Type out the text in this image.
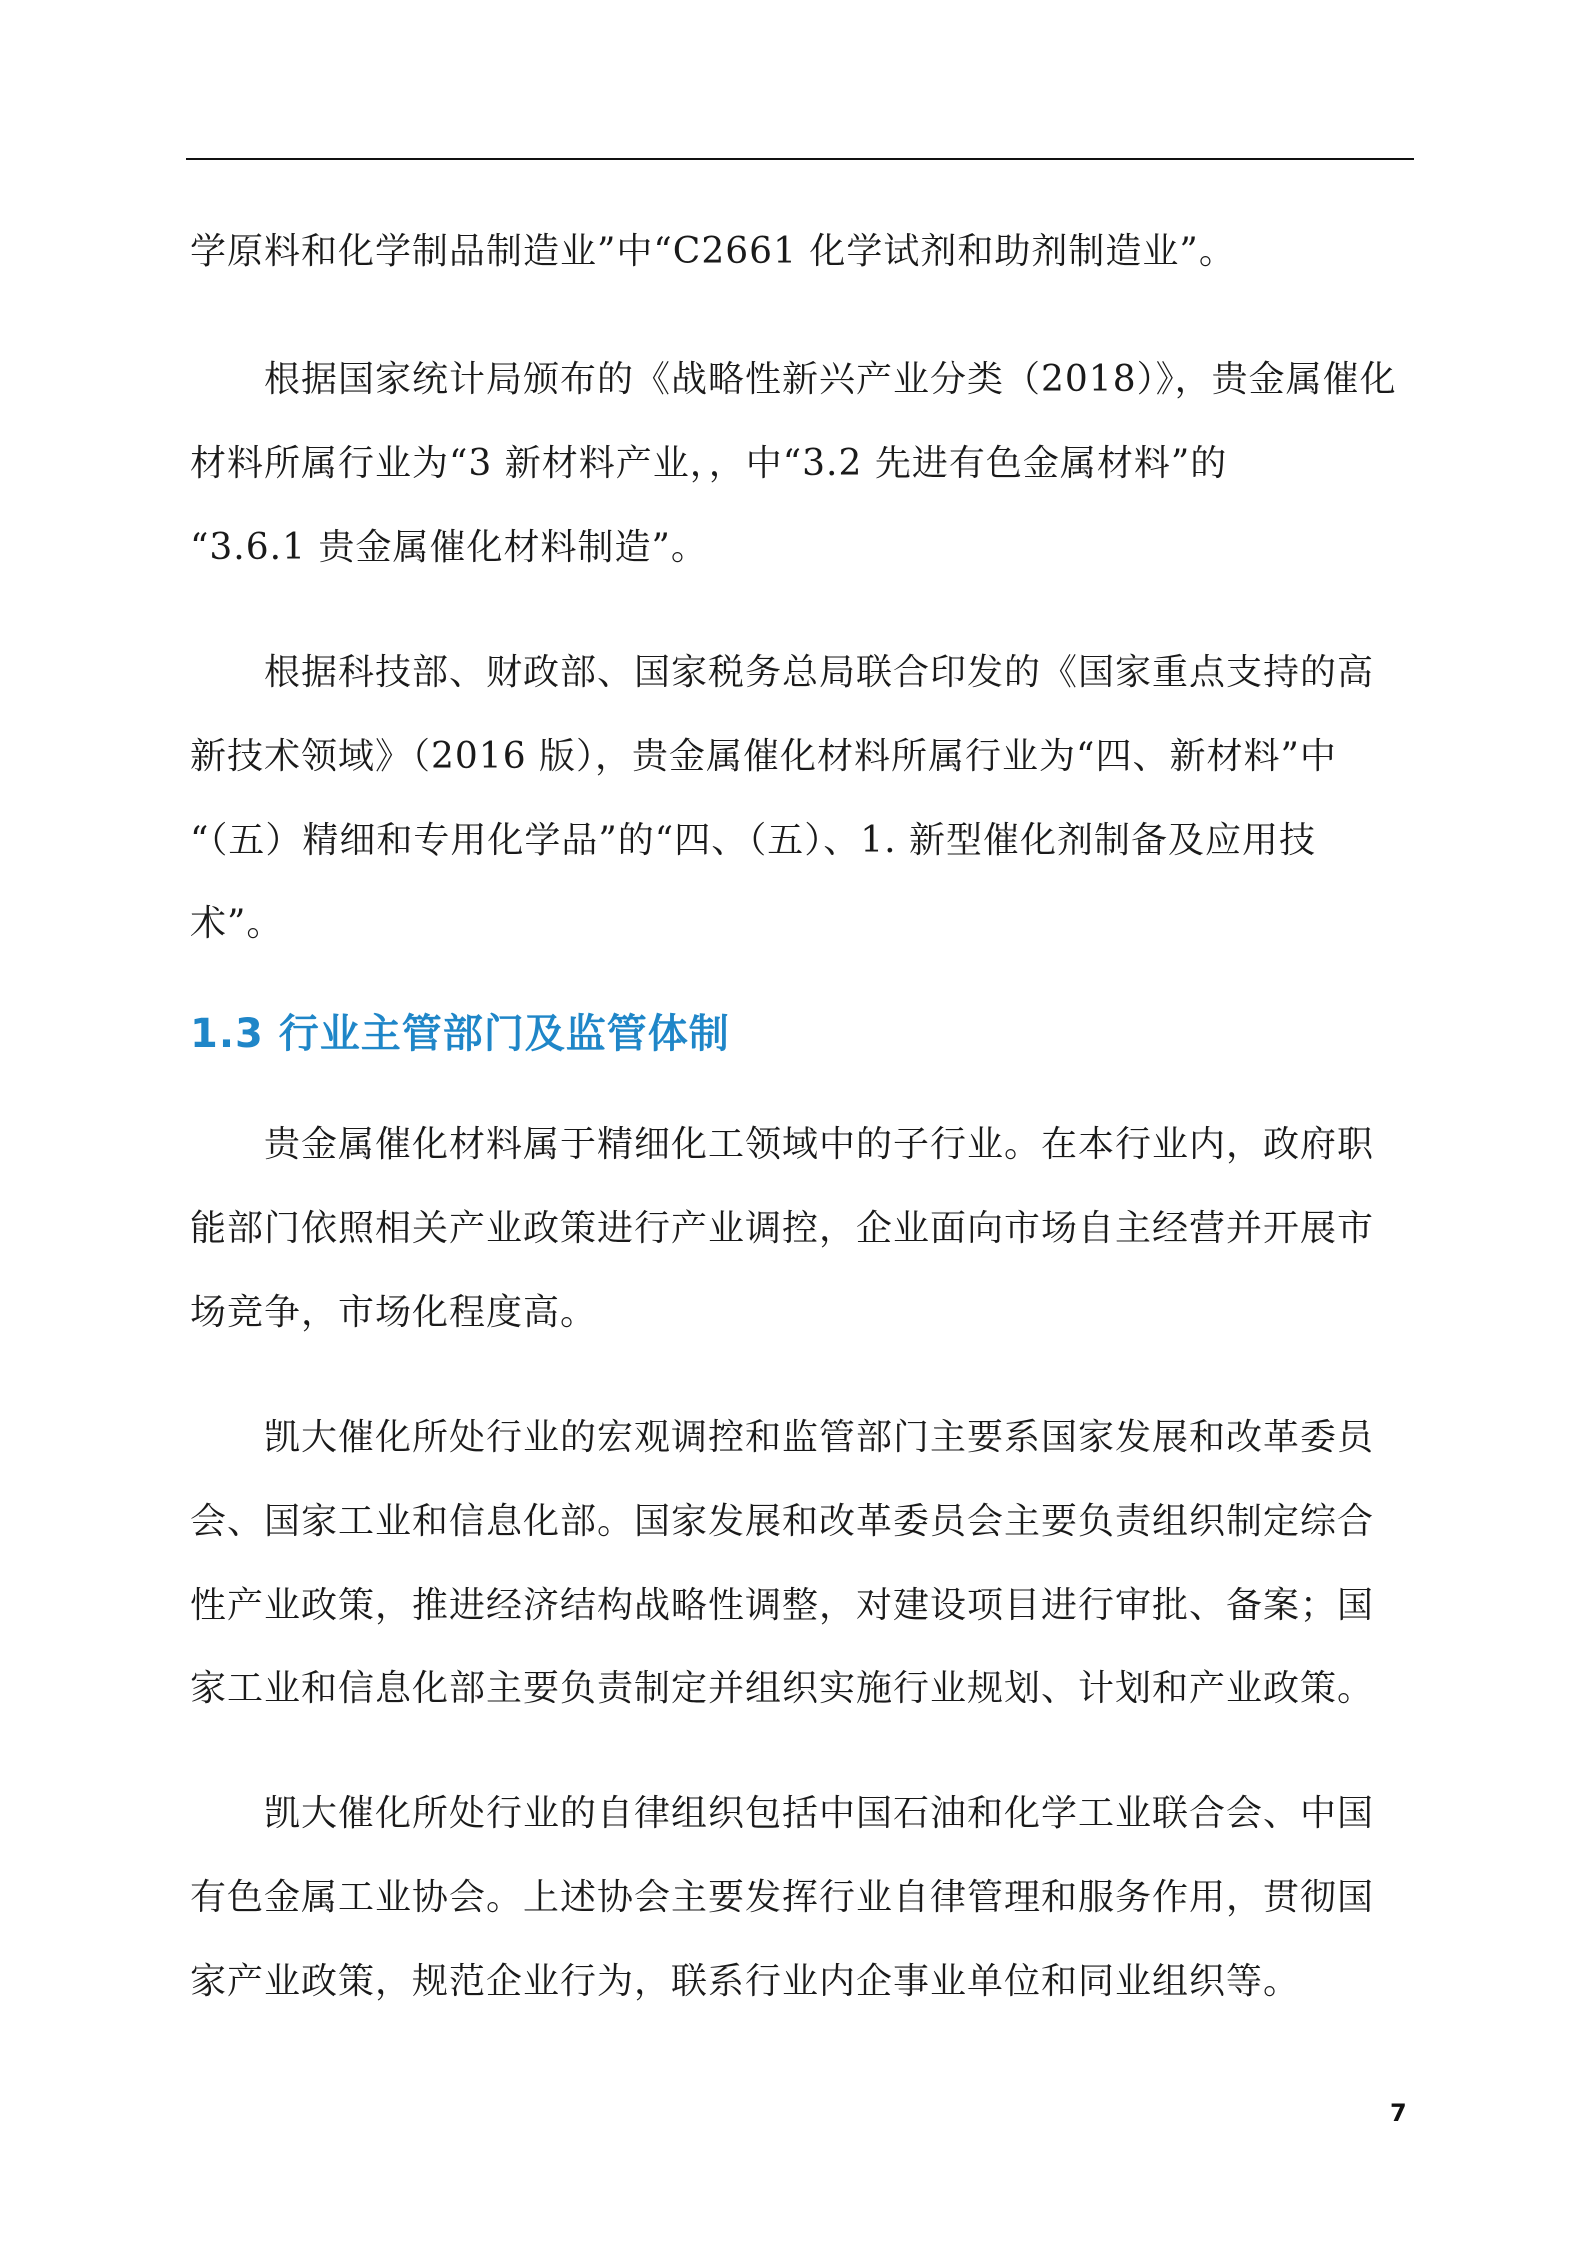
学原料和化学制品制造业”中“C2661 化学试剂和助剂制造业”。
根据国家统计局颁布的《战略性新兴产业分类（2018）》，贵金属催化
材料所属行业为“3 新材料产业，，中“3.2 先进有色金属材料”的
“3.6.1 贵金属催化材料制造”。
根据科技部、财政部、国家税务总局联合印发的《国家重点支持的高
新技术领域》（2016 版），贵金属催化材料所属行业为“四、新材料”中
“（五）精细和专用化学品”的“四、（五）、1. 新型催化剂制备及应用技
术”。
1.3 行业主管部门及监管体制
贵金属催化材料属于精细化工领域中的子行业。在本行业内，政府职
能部门依照相关产业政策进行产业调控，企业面向市场自主经营并开展市
场竞争，市场化程度高。
凯大催化所处行业的宏观调控和监管部门主要系国家发展和改革委员
会、国家工业和信息化部。国家发展和改革委员会主要负责组织制定综合
性产业政策，推进经济结构战略性调整，对建设项目进行审批、备案；国
家工业和信息化部主要负责制定并组织实施行业规划、计划和产业政策。
凯大催化所处行业的自律组织包括中国石油和化学工业联合会、中国
有色金属工业协会。上述协会主要发挥行业自律管理和服务作用，贯彻国
家产业政策，规范企业行为，联系行业内企事业单位和同业组织等。
7
